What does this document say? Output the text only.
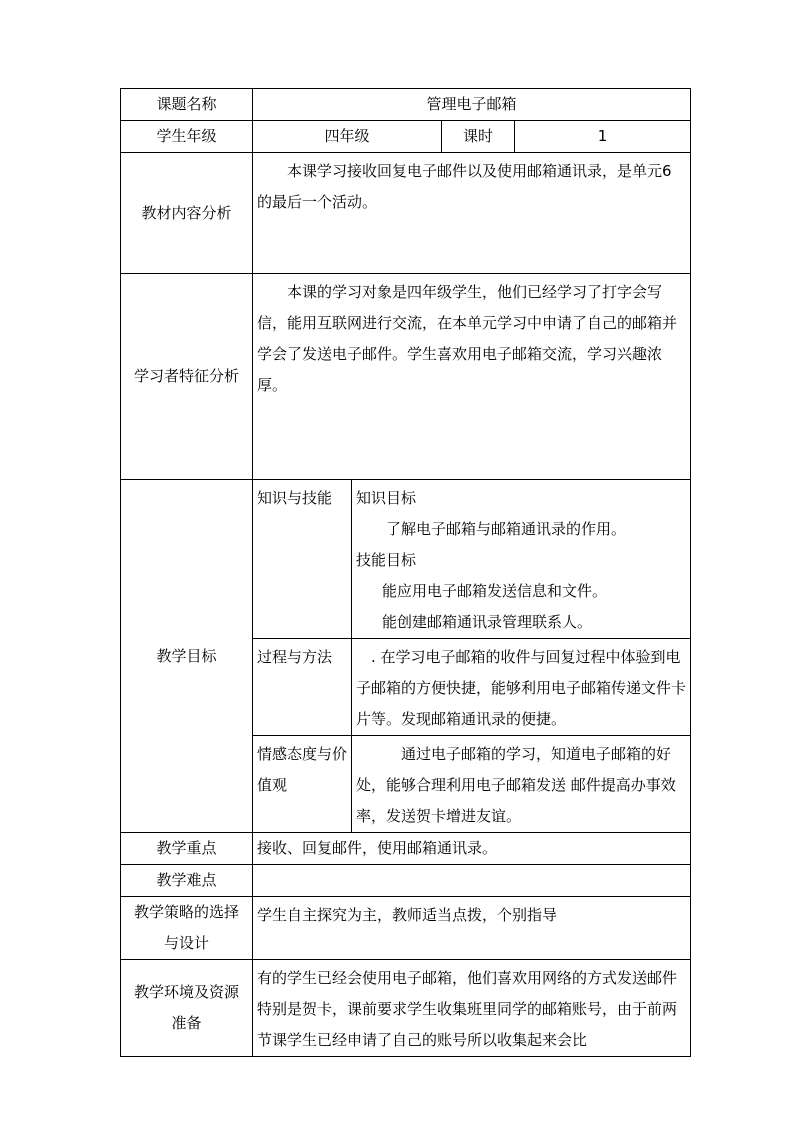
课题名称	管理电子邮箱			
学生年级	四年级		课时	1
教材内容分析	本课学习接收回复电子邮件以及使用邮箱通讯录，是单元6的最后一个活动。			
学习者特征分析	本课的学习对象是四年级学生，他们已经学习了打字会写信，能用互联网进行交流，在本单元学习中申请了自己的邮箱并学会了发送电子邮件。学生喜欢用电子邮箱交流，学习兴趣浓厚。			
教学目标	知识与技能	知识目标
了解电子邮箱与邮箱通讯录的作用。
技能目标
能应用电子邮箱发送信息和文件。
能创建邮箱通讯录管理联系人。		

	过程与方法	. 在学习电子邮箱的收件与回复过程中体验到电子邮箱的方便快捷，能够利用电子邮箱传递文件卡片等。发现邮箱通讯录的便捷。		
	情感态度与价值观	通过电子邮箱的学习，知道电子邮箱的好处，能够合理利用电子邮箱发送 邮件提高办事效率，发送贺卡增进友谊。		
教学重点	接收、回复邮件，使用邮箱通讯录。			
教学难点				
教学策略的选择与设计	学生自主探究为主，教师适当点拨，个别指导			
教学环境及资源准备	有的学生已经会使用电子邮箱，他们喜欢用网络的方式发送邮件特别是贺卡，课前要求学生收集班里同学的邮箱账号，由于前两节课学生已经申请了自己的账号所以收集起来会比			
